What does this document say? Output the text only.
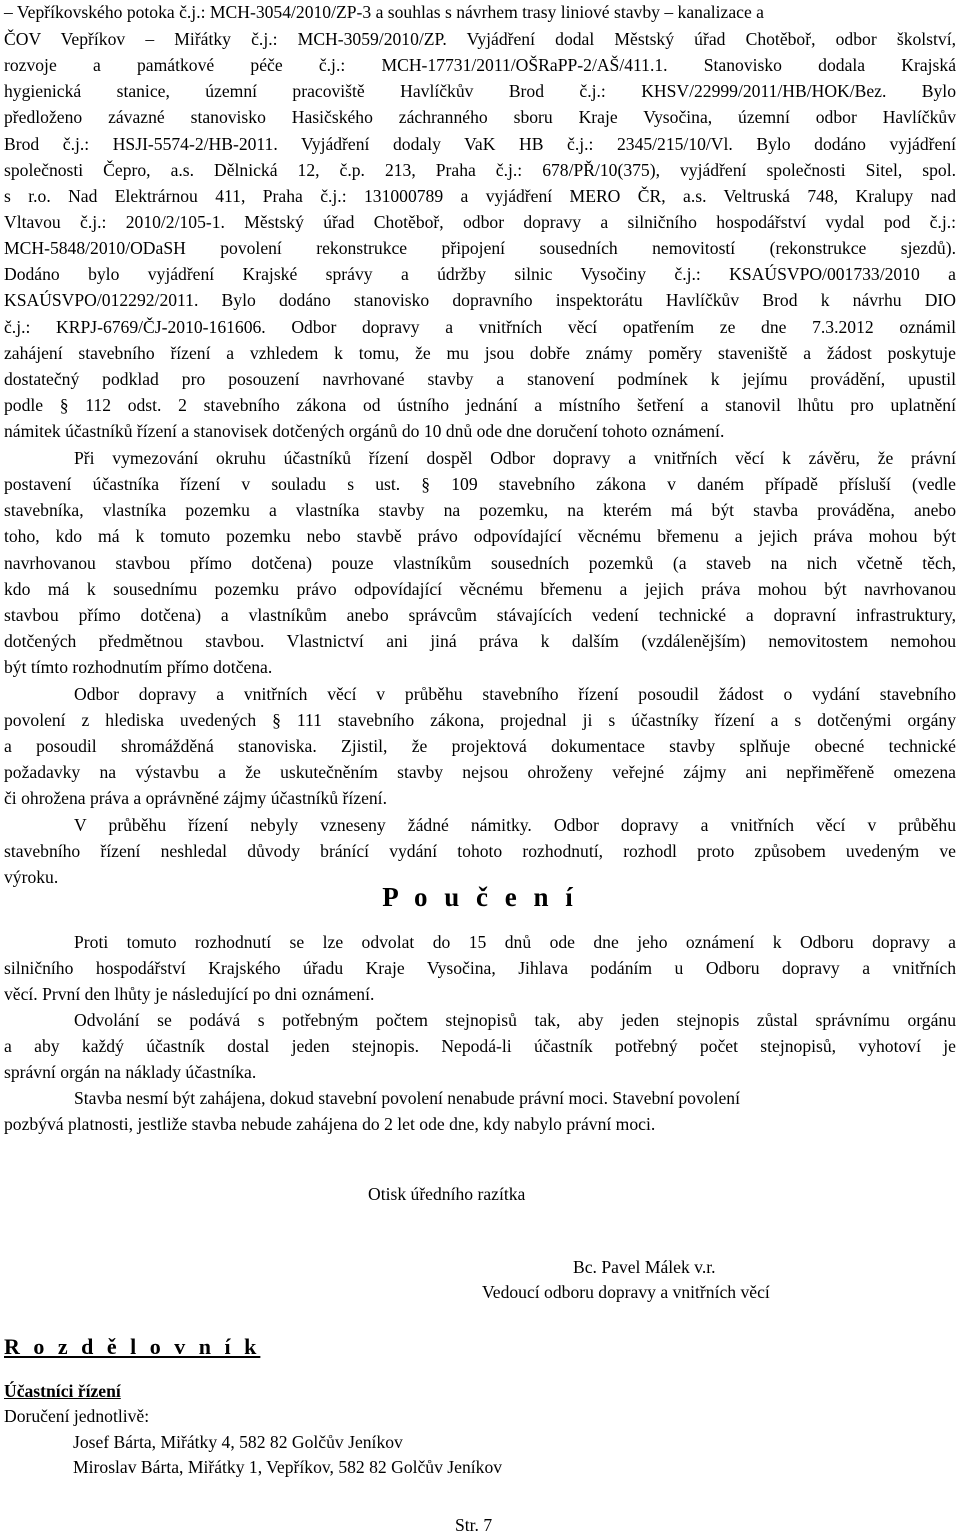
– Vepříkovského potoka č.j.: MCH-3054/2010/ZP-3 a souhlas s návrhem trasy liniové stavby – kanalizace a
ČOV Vepříkov – Miřátky č.j.: MCH-3059/2010/ZP. Vyjádření dodal Městský úřad Chotěboř, odbor školství,
rozvoje a památkové péče č.j.: MCH-17731/2011/OŠRaPP-2/AŠ/411.1. Stanovisko dodala Krajská
hygienická stanice, územní pracoviště Havlíčkův Brod č.j.: KHSV/22999/2011/HB/HOK/Bez. Bylo
předloženo závazné stanovisko Hasičského záchranného sboru Kraje Vysočina, územní odbor Havlíčkův
Brod č.j.: HSJI-5574-2/HB-2011. Vyjádření dodaly VaK HB č.j.: 2345/215/10/Vl. Bylo dodáno vyjádření
společnosti Čepro, a.s. Dělnická 12, č.p. 213, Praha č.j.: 678/PŘ/10(375), vyjádření společnosti Sitel, spol.
s r.o. Nad Elektrárnou 411, Praha č.j.: 131000789 a vyjádření MERO ČR, a.s. Veltruská 748, Kralupy nad
Vltavou č.j.: 2010/2/105-1. Městský úřad Chotěboř, odbor dopravy a silničního hospodářství vydal pod č.j.:
MCH-5848/2010/ODaSH povolení rekonstrukce připojení sousedních nemovitostí (rekonstrukce sjezdů).
Dodáno bylo vyjádření Krajské správy a údržby silnic Vysočiny č.j.: KSAÚSVPO/001733/2010 a
KSAÚSVPO/012292/2011. Bylo dodáno stanovisko dopravního inspektorátu Havlíčkův Brod k návrhu DIO
č.j.: KRPJ-6769/ČJ-2010-161606. Odbor dopravy a vnitřních věcí opatřením ze dne 7.3.2012 oznámil
zahájení stavebního řízení a vzhledem k tomu, že mu jsou dobře známy poměry staveniště a žádost poskytuje
dostatečný podklad pro posouzení navrhované stavby a stanovení podmínek k jejímu provádění, upustil
podle § 112 odst. 2 stavebního zákona od ústního jednání a místního šetření a stanovil lhůtu pro uplatnění
námitek účastníků řízení a stanovisek dotčených orgánů do 10 dnů ode dne doručení tohoto oznámení.
Při vymezování okruhu účastníků řízení dospěl Odbor dopravy a vnitřních věcí k závěru, že právní
postavení účastníka řízení v souladu s ust. § 109 stavebního zákona v daném případě přísluší (vedle
stavebníka, vlastníka pozemku a vlastníka stavby na pozemku, na kterém má být stavba prováděna, anebo
toho, kdo má k tomuto pozemku nebo stavbě právo odpovídající věcnému břemenu a jejich práva mohou být
navrhovanou stavbou přímo dotčena) pouze vlastníkům sousedních pozemků (a staveb na nich včetně těch,
kdo má k sousednímu pozemku právo odpovídající věcnému břemenu a jejich práva mohou být navrhovanou
stavbou přímo dotčena) a vlastníkům anebo správcům stávajících vedení technické a dopravní infrastruktury,
dotčených předmětnou stavbou. Vlastnictví ani jiná práva k dalším (vzdálenějším) nemovitostem nemohou
být tímto rozhodnutím přímo dotčena.
Odbor dopravy a vnitřních věcí v průběhu stavebního řízení posoudil žádost o vydání stavebního
povolení z hlediska uvedených § 111 stavebního zákona, projednal ji s účastníky řízení a s dotčenými orgány
a posoudil shromážděná stanoviska. Zjistil, že projektová dokumentace stavby splňuje obecné technické
požadavky na výstavbu a že uskutečněním stavby nejsou ohroženy veřejné zájmy ani nepřiměřeně omezena
či ohrožena práva a oprávněné zájmy účastníků řízení.
V průběhu řízení nebyly vzneseny žádné námitky. Odbor dopravy a vnitřních věcí v průběhu
stavebního řízení neshledal důvody bránící vydání tohoto rozhodnutí, rozhodl proto způsobem uvedeným ve
výroku.
P o u č e n í
Proti tomuto rozhodnutí se lze odvolat do 15 dnů ode dne jeho oznámení k Odboru dopravy a
silničního hospodářství Krajského úřadu Kraje Vysočina, Jihlava podáním u Odboru dopravy a vnitřních
věcí. První den lhůty je následující po dni oznámení.
Odvolání se podává s potřebným počtem stejnopisů tak, aby jeden stejnopis zůstal správnímu orgánu
a aby každý účastník dostal jeden stejnopis. Nepodá-li účastník potřebný počet stejnopisů, vyhotoví je
správní orgán na náklady účastníka.
Stavba nesmí být zahájena, dokud stavební povolení nenabude právní moci. Stavební povolení
pozbývá platnosti, jestliže stavba nebude zahájena do 2 let ode dne, kdy nabylo právní moci.
Otisk úředního razítka
Bc. Pavel Málek v.r.
Vedoucí odboru dopravy a vnitřních věcí
R o z d ě l o v n í k
Účastníci řízení
Doručení jednotlivě:
Josef Bárta, Miřátky 4, 582 82 Golčův Jeníkov
Miroslav Bárta, Miřátky 1, Vepříkov, 582 82 Golčův Jeníkov
Str. 7
